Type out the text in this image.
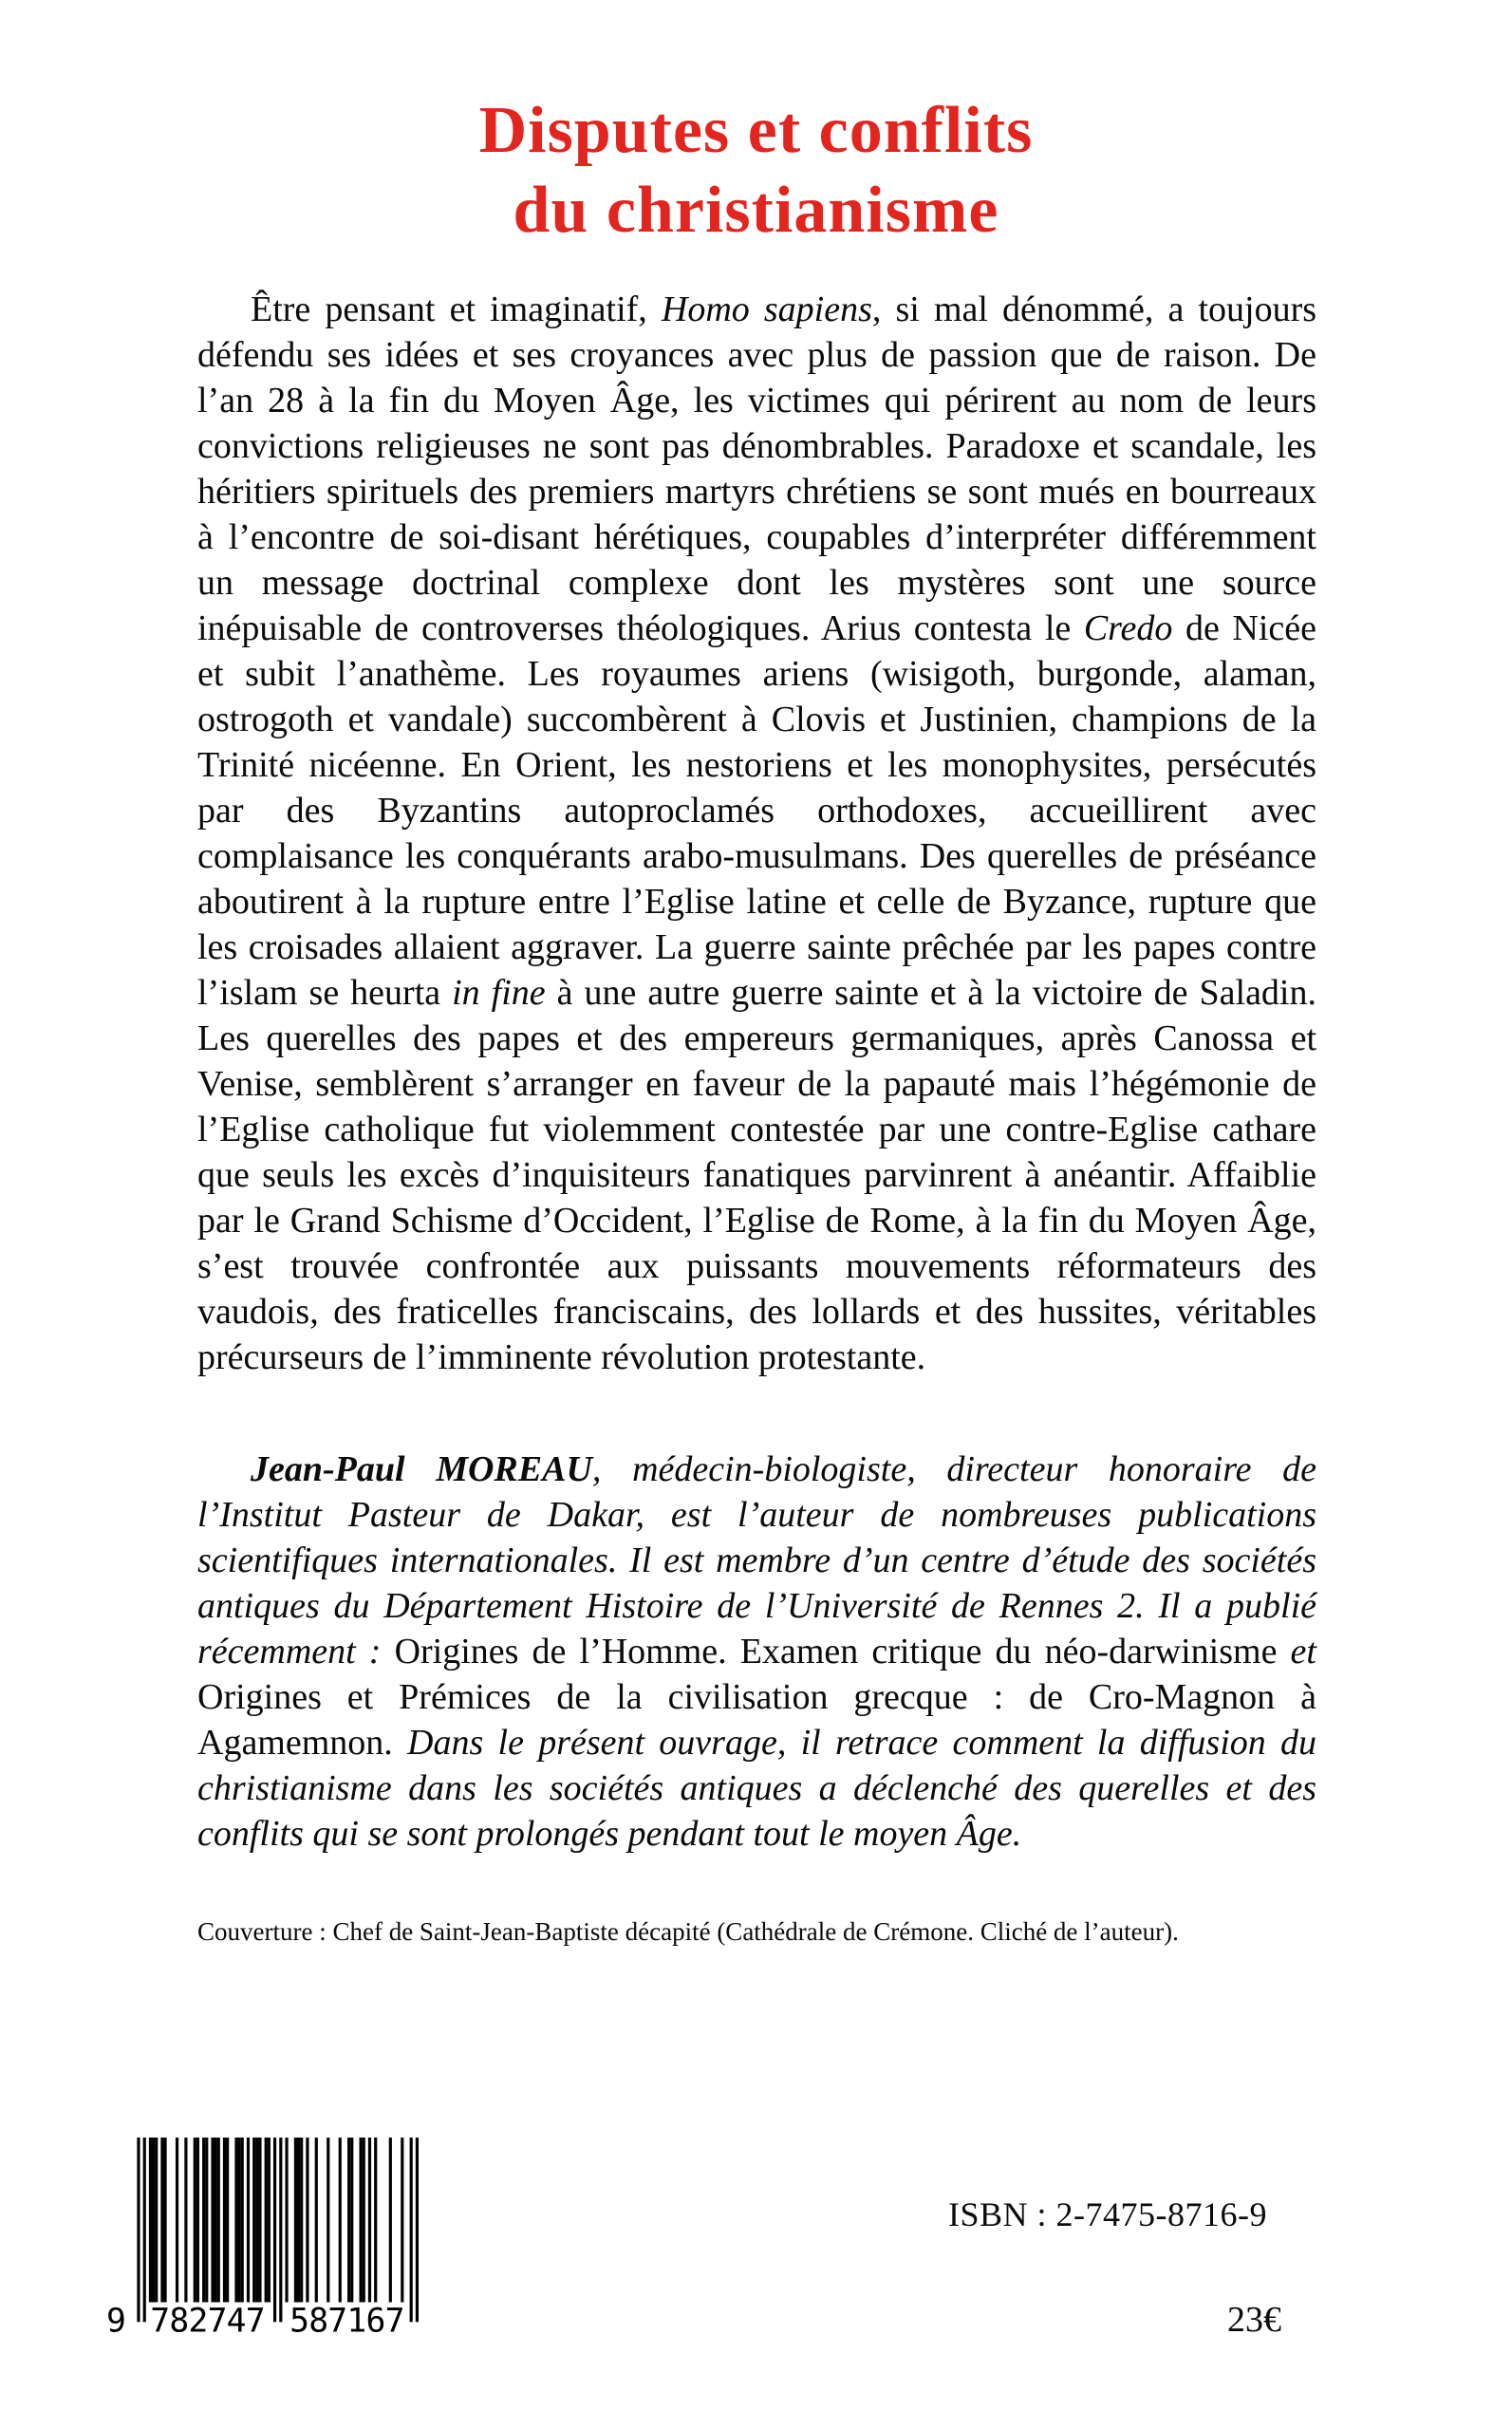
Disputes et conflits
du christianisme

Être pensant et imaginatif, Homo sapiens, si mal dénommé, a toujours défendu ses idées et ses croyances avec plus de passion que de raison. De l’an 28 à la fin du Moyen Âge, les victimes qui périrent au nom de leurs convictions religieuses ne sont pas dénombrables. Paradoxe et scandale, les héritiers spirituels des premiers martyrs chrétiens se sont mués en bourreaux à l’encontre de soi-disant hérétiques, coupables d’interpréter différemment un message doctrinal complexe dont les mystères sont une source inépuisable de controverses théologiques. Arius contesta le Credo de Nicée et subit l’anathème. Les royaumes ariens (wisigoth, burgonde, alaman, ostrogoth et vandale) succombèrent à Clovis et Justinien, champions de la Trinité nicéenne. En Orient, les nestoriens et les monophysites, persécutés par des Byzantins autoproclamés orthodoxes, accueillirent avec complaisance les conquérants arabo-musulmans. Des querelles de préséance aboutirent à la rupture entre l’Eglise latine et celle de Byzance, rupture que les croisades allaient aggraver. La guerre sainte prêchée par les papes contre l’islam se heurta in fine à une autre guerre sainte et à la victoire de Saladin. Les querelles des papes et des empereurs germaniques, après Canossa et Venise, semblèrent s’arranger en faveur de la papauté mais l’hégémonie de l’Eglise catholique fut violemment contestée par une contre-Eglise cathare que seuls les excès d’inquisiteurs fanatiques parvinrent à anéantir. Affaiblie par le Grand Schisme d’Occident, l’Eglise de Rome, à la fin du Moyen Âge, s’est trouvée confrontée aux puissants mouvements réformateurs des vaudois, des fraticelles franciscains, des lollards et des hussites, véritables précurseurs de l’imminente révolution protestante.

Jean-Paul MOREAU, médecin-biologiste, directeur honoraire de l’Institut Pasteur de Dakar, est l’auteur de nombreuses publications scientifiques internationales. Il est membre d’un centre d’étude des sociétés antiques du Département Histoire de l’Université de Rennes 2. Il a publié récemment : Origines de l’Homme. Examen critique du néo-darwinisme et Origines et Prémices de la civilisation grecque : de Cro-Magnon à Agamemnon. Dans le présent ouvrage, il retrace comment la diffusion du christianisme dans les sociétés antiques a déclenché des querelles et des conflits qui se sont prolongés pendant tout le moyen Âge.

Couverture : Chef de Saint-Jean-Baptiste décapité (Cathédrale de Crémone. Cliché de l’auteur).

9 782747 587167
ISBN : 2-7475-8716-9
23€
